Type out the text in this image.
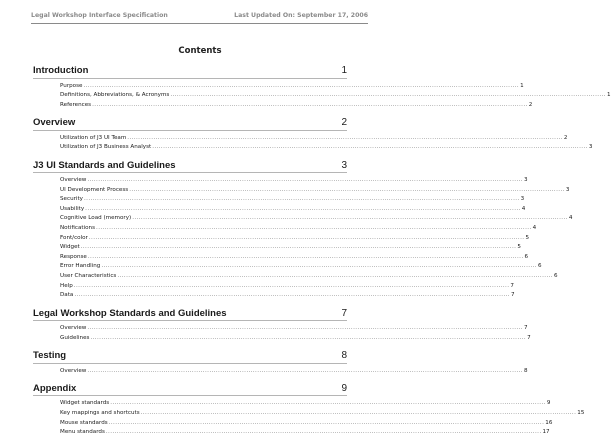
Legal Workshop Interface Specification	Last Updated On: September 17, 2006
Contents
Introduction	1
Purpose ........................................................................................................................................................................................................ 1
Definitions, Abbreviations, & Acronyms ........................................................................................................................................................................................................ 1
References ........................................................................................................................................................................................................ 2
Overview	2
Utilization of J3 UI Team ........................................................................................................................................................................................................ 2
Utilization of J3 Business Analyst ........................................................................................................................................................................................................ 3
J3 UI Standards and Guidelines	3
Overview ........................................................................................................................................................................................................ 3
UI Development Process ........................................................................................................................................................................................................ 3
Security ........................................................................................................................................................................................................ 3
Usability ........................................................................................................................................................................................................ 4
Cognitive Load (memory) ........................................................................................................................................................................................................ 4
Notifications ........................................................................................................................................................................................................ 4
Font/color ........................................................................................................................................................................................................ 5
Widget ........................................................................................................................................................................................................ 5
Response ........................................................................................................................................................................................................ 6
Error Handling ........................................................................................................................................................................................................ 6
User Characteristics ........................................................................................................................................................................................................ 6
Help ........................................................................................................................................................................................................ 7
Data ........................................................................................................................................................................................................ 7
Legal Workshop Standards and Guidelines	7
Overview ........................................................................................................................................................................................................ 7
Guidelines ........................................................................................................................................................................................................ 7
Testing	8
Overview ........................................................................................................................................................................................................ 8
Appendix	9
Widget standards ........................................................................................................................................................................................................ 9
Key mappings and shortcuts ........................................................................................................................................................................................................ 15
Mouse standards ........................................................................................................................................................................................................ 16
Menu standards ........................................................................................................................................................................................................ 17
